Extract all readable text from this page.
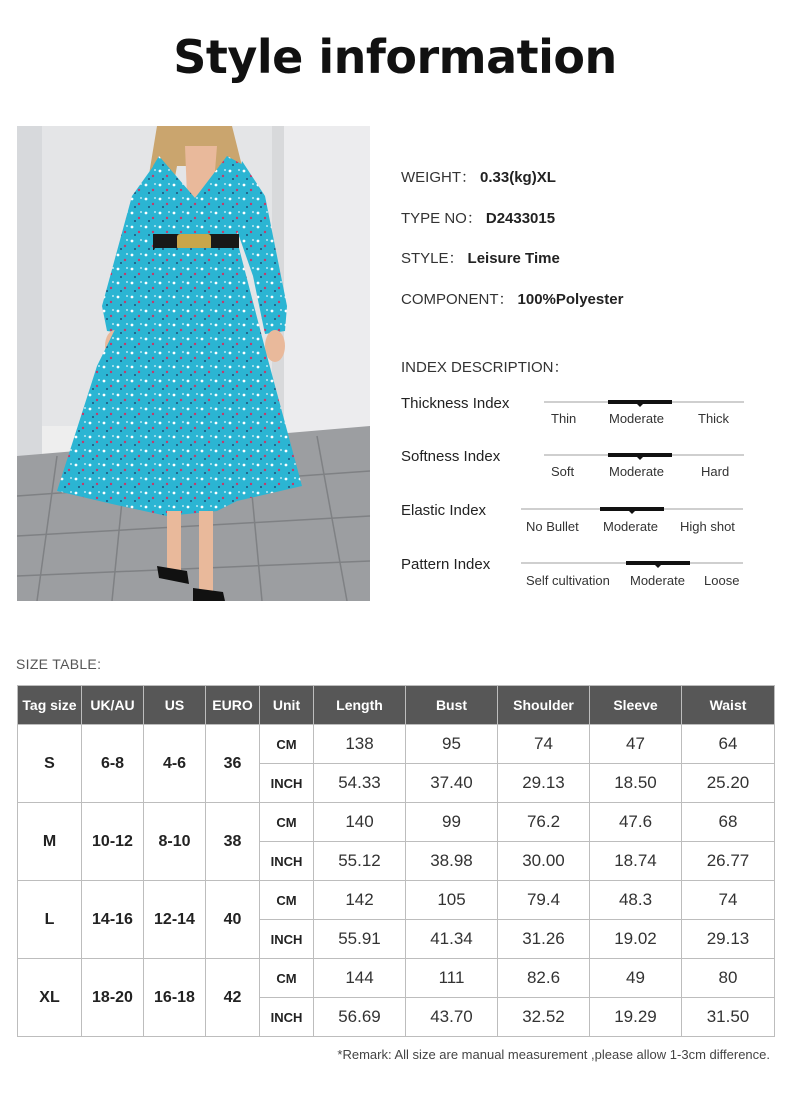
Style information
WEIGHT： 0.33(kg)XL
TYPE NO： D2433015
STYLE： Leisure Time
COMPONENT： 100%Polyester
INDEX DESCRIPTION：
Thickness Index
Thin	Moderate	Thick
Softness Index
Soft	Moderate	Hard
Elastic Index
No Bullet Moderate High shot
Pattern Index
Self cultivation Moderate Loose
SIZE TABLE:
Tag size	UK/AU	US	EURO	Unit	Length	Bust	Shoulder	Sleeve	Waist
S	6-8	4-6	36	CM	138	95	74	47	64
				INCH	54.33	37.40	29.13	18.50	25.20
M	10-12	8-10	38	CM	140	99	76.2	47.6	68
				INCH	55.12	38.98	30.00	18.74	26.77
L	14-16	12-14	40	CM	142	105	79.4	48.3	74
				INCH	55.91	41.34	31.26	19.02	29.13
XL	18-20	16-18	42	CM	144	111	82.6	49	80
				INCH	56.69	43.70	32.52	19.29	31.50
*Remark: All size are manual measurement ,please allow 1-3cm difference.
